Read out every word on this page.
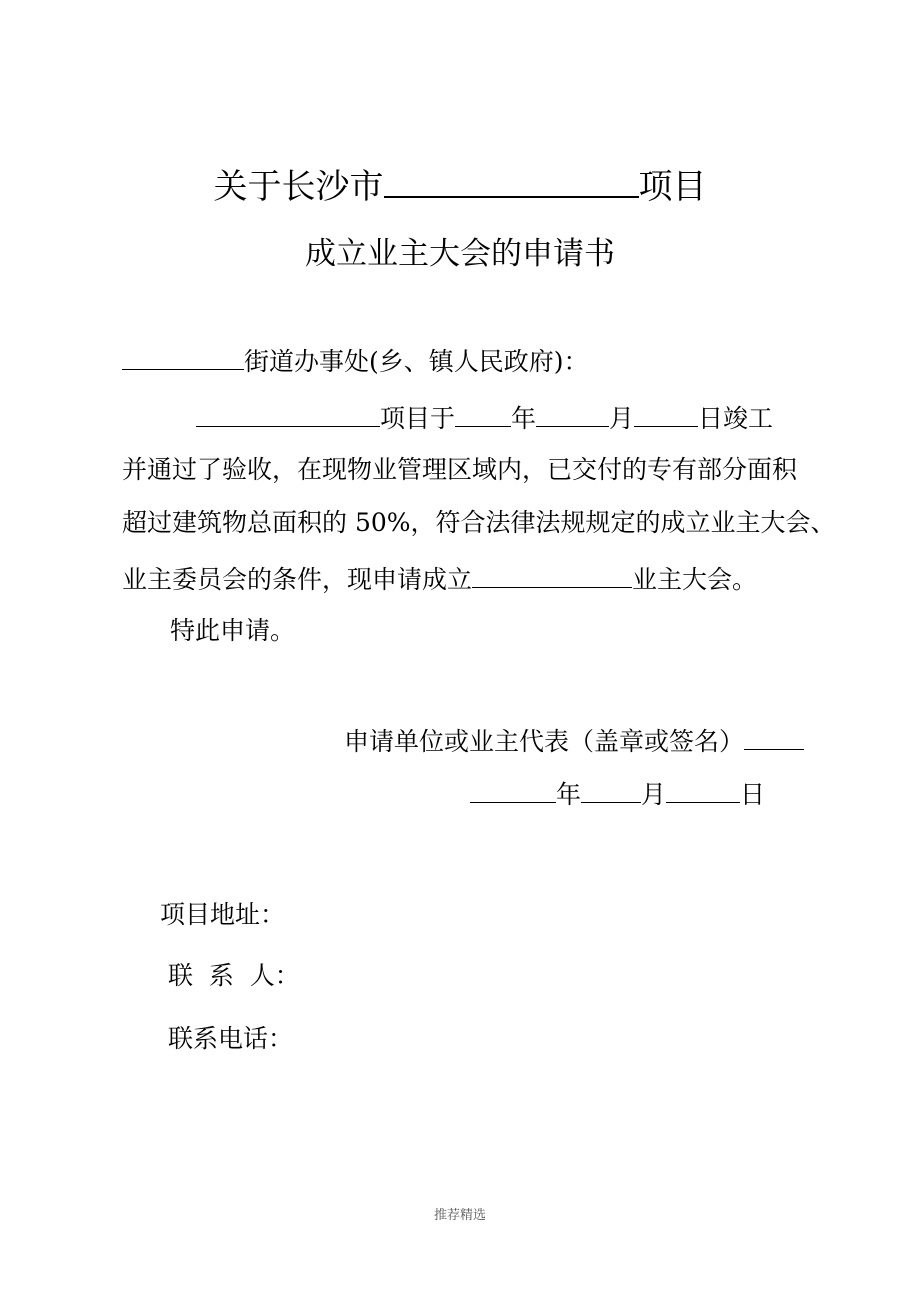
关于长沙市	项目
成立业主大会的申请书
街道办事处(乡、镇人民政府)：
项目于 年	月	日竣工
并通过了验收，在现物业管理区域内，已交付的专有部分面积
超过建筑物总面积的 50%，符合法律法规规定的成立业主大会、
业主委员会的条件，现申请成立	业主大会。
特此申请。
申请单位或业主代表（盖章或签名）
年 月	日
项目地址：
联  系  人：
联系电话：
推荐精选
